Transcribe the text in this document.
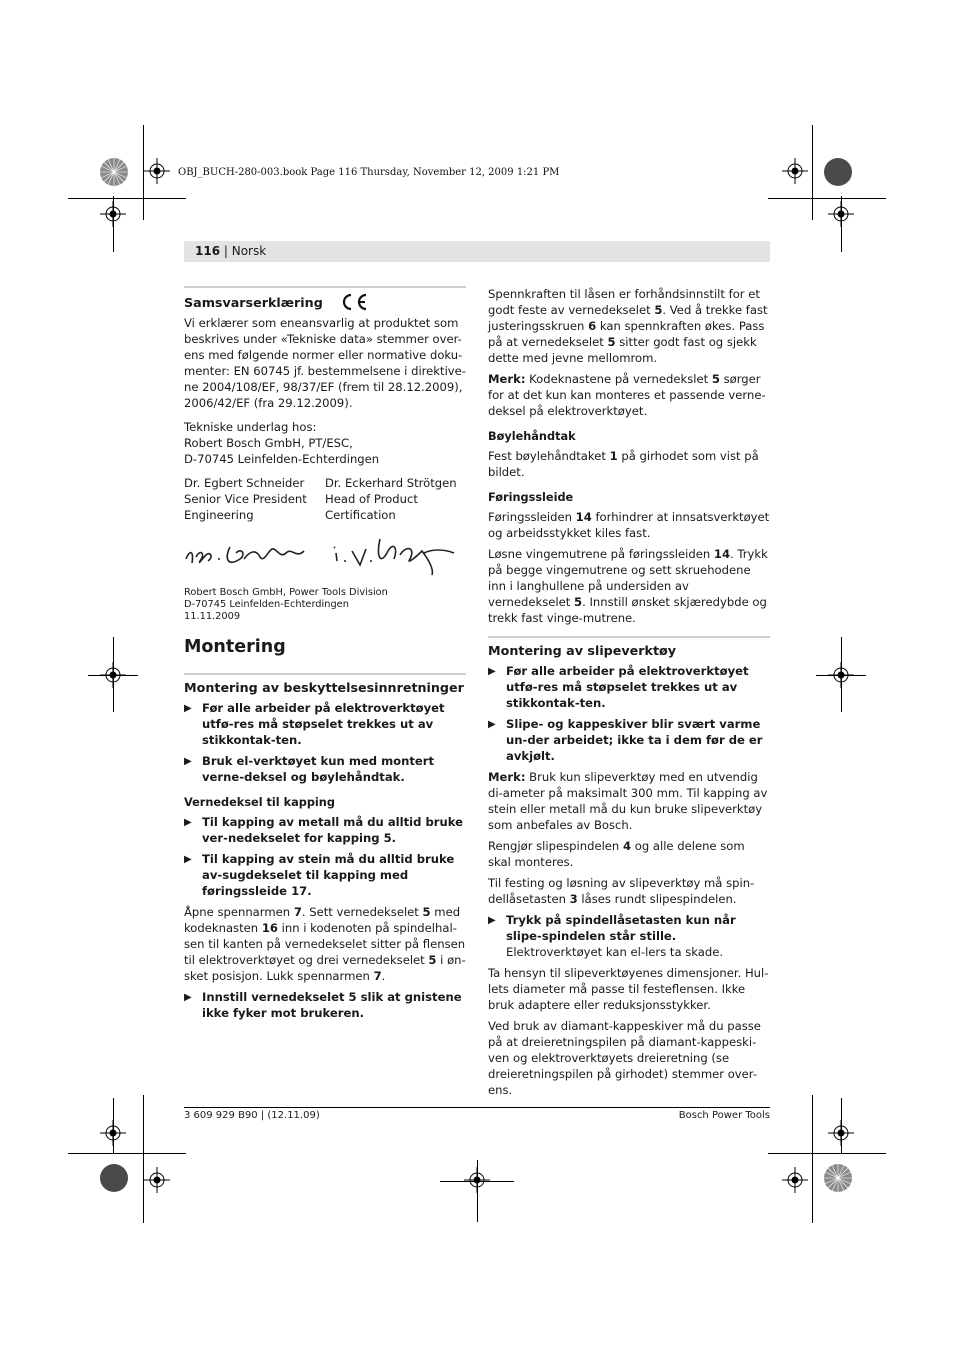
OBJ_BUCH-280-003.book Page 116 Thursday, November 12, 2009 1:21 PM
116 | Norsk
Samsvarserklæring

Vi erklærer som eneansvarlig at produktet som beskrives under «Tekniske data» stemmer over-ens med følgende normer eller normative doku-menter: EN 60745 jf. bestemmelsene i direktive-ne 2004/108/EF, 98/37/EF (frem til 28.12.2009), 2006/42/EF (fra 29.12.2009).

Tekniske underlag hos:
Robert Bosch GmbH, PT/ESC,
D-70745 Leinfelden-Echterdingen

Dr. Egbert Schneider
Senior Vice President
Engineering
Dr. Eckerhard Strötgen
Head of Product
Certification
Robert Bosch GmbH, Power Tools Division
D-70745 Leinfelden-Echterdingen
11.11.2009
Montering
Montering av beskyttelsesinnretninger
▶ Før alle arbeider på elektroverktøyet utfø-res må støpselet trekkes ut av stikkontak-ten.
▶ Bruk el-verktøyet kun med montert verne-deksel og bøylehåndtak.
Vernedeksel til kapping
▶ Til kapping av metall må du alltid bruke ver-nedekselet for kapping 5.
▶ Til kapping av stein må du alltid bruke av-sugdekselet til kapping med føringssleide 17.

Åpne spennarmen 7. Sett vernedekselet 5 med kodeknasten 16 inn i kodenoten på spindelhal-sen til kanten på vernedekselet sitter på flensen til elektroverktøyet og drei vernedekselet 5 i øn-sket posisjon. Lukk spennarmen 7.

▶ Innstill vernedekselet 5 slik at gnistene ikke fyker mot brukeren.

Spennkraften til låsen er forhåndsinnstilt for et godt feste av vernedekselet 5. Ved å trekke fast justeringsskruen 6 kan spennkraften økes. Pass på at vernedekselet 5 sitter godt fast og sjekk dette med jevne mellomrom.

Merk: Kodeknastene på vernedekslet 5 sørger for at det kun kan monteres et passende verne-deksel på elektroverktøyet.

Bøylehåndtak

Fest bøylehåndtaket 1 på girhodet som vist på bildet.

Føringssleide

Føringssleiden 14 forhindrer at innsatsverktøyet og arbeidsstykket kiles fast.

Løsne vingemutrene på føringssleiden 14. Trykk på begge vingemutrene og sett skruehodene inn i langhullene på undersiden av vernedekselet 5. Innstill ønsket skjæredybde og trekk fast vinge-mutrene.

Montering av slipeverktøy
▶ Før alle arbeider på elektroverktøyet utfø-res må støpselet trekkes ut av stikkontak-ten.
▶ Slipe- og kappeskiver blir svært varme un-der arbeidet; ikke ta i dem før de er avkjølt.

Merk: Bruk kun slipeverktøy med en utvendig di-ameter på maksimalt 300 mm. Til kapping av stein eller metall må du kun bruke slipeverktøy som anbefales av Bosch.

Rengjør slipespindelen 4 og alle delene som skal monteres.

Til festing og løsning av slipeverktøy må spin-dellåsetasten 3 låses rundt slipespindelen.

▶ Trykk på spindellåsetasten kun når slipe-spindelen står stille. Elektroverktøyet kan el-lers ta skade.

Ta hensyn til slipeverktøyenes dimensjoner. Hul-lets diameter må passe til festeflensen. Ikke bruk adaptere eller reduksjonsstykker.

Ved bruk av diamant-kappeskiver må du passe på at dreieretningspilen på diamant-kappeski-ven og elektroverktøyets dreieretning (se dreieretningspilen på girhodet) stemmer over-ens.

3 609 929 B90 | (12.11.09)	Bosch Power Tools
